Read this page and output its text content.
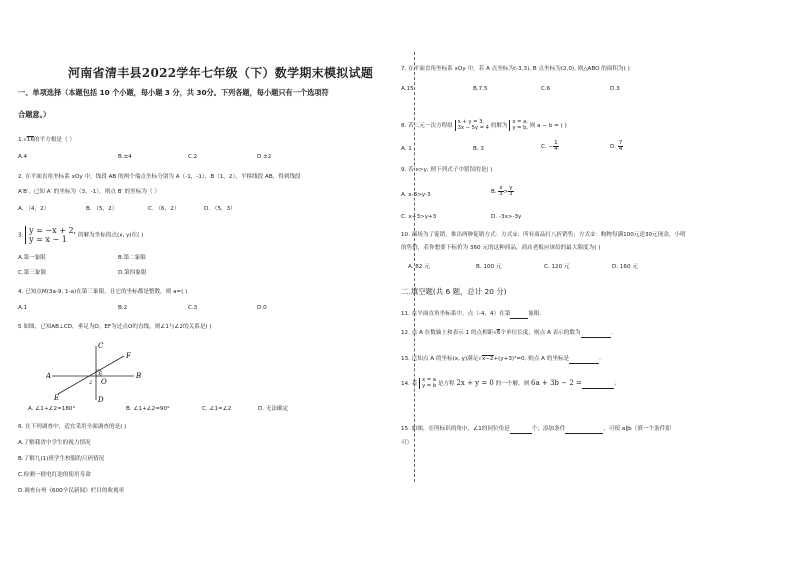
河南省清丰县2022学年七年级（下）数学期末模拟试题
一、单项选择（本题包括 10 个小题，每小题 3 分，共 30分。下列各题，每小题只有一个选项符
合题意。）
1.√16的平方根是（ ）
A.4	B.±4	C.2	D.±2
2. 在平面直角坐标系 xOy 中，线段 AB 的两个端点坐标分别为 A（-1，-1），B（1，2），平移线段 AB，得到线段
A′B′，已知 A′ 的坐标为（3，-1），则点 B′ 的坐标为（ ）
A. （4，2）	B. （5，2）	C. （6，2）	D. （5，3）
3. y = −x + 2,
y = x − 1 的解为坐标的点(x, y)在( )
A.第一象限	B.第二象限
C.第三象限	D.第四象限
4. 已知点M(3a-9, 1-a)在第三象限，且它的坐标都是整数，则 a=( )
A.1	B.2	C.3	D.0
5 如图，已知AB⊥CD，垂足为O，EF为过点O的直线，则∠1与∠2的关系是( )
A	B
C
D
E
F
O
1
2
A. ∠1+∠2=180°	B. ∠1+∠2=90°	C. ∠1=∠2	D. 无法确定
6. 在下列调查中，适宜采用全面调查的是( )
A.了解我省中学生的视力情况
B.了解九(1)班学生校服的尺码情况
C.检测一批电灯泡的使用寿命
D.调查台州《600全民新闻》栏目的收视率
7. 在平面直角坐标系 xOy 中，若 A 点坐标为(-3,3), B 点坐标为(2,0), 则△ABO 的面积为( )
A.15	B.7.5	C.6	D.3
8. 若二元一次方程组 x + y = 3,
3x − 5y = 4 的解为 x = a,
y = b, 则 a − b = ( )
A. 1	B. 3	C. − $\frac{1}{4}$	D. $\frac{7}{4}$
9. 若 x>y, 则下列式子中错误的是( )
A. x-3>y-3	B. $\frac{x}{3} > \frac{y}{3}$
C. x+3>y+3	D. -3x>-3y
10. 商场为了促销，推出两种促销方式：方式①：所有商品打八折销售；方式②：购物每满100元送30元现金，小明
的售价，若你想要下标价为 360 元的这种商品，商店老板应该给的最大限度为( )
A. 82 元	B. 100 元	C. 120 元	D. 160 元
二.填空题(共 6 题，总计 20 分)
11. 在平面直角坐标系中，点（-4，4）在第	象限．
12. 点 A 在数轴上和表示 1 的点相距√6个单位长度，则点 A 表示的数为	．
13. 已知点 A 的坐标(x, y)满足√x−2+(y+3)²=0, 则点 A 的坐标是	．
14. 若 x = a
y = b 是方程 2x + y = 0 的一个解，则 6a + 3b − 2 =	；
15. 如图，在所标识的角中，∠1的同位角是	个；添加条件	，可使 a∥b（填一个条件即
可）
